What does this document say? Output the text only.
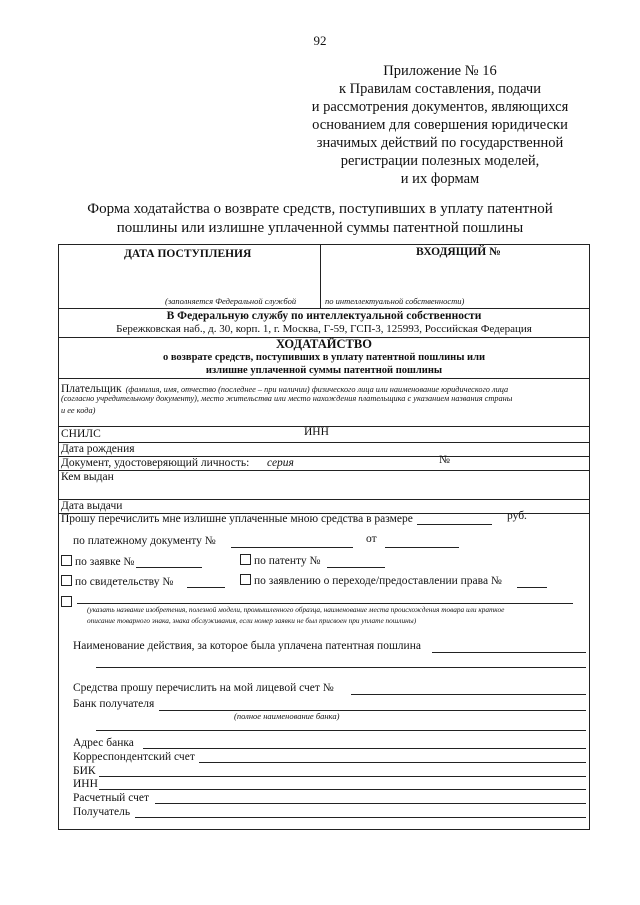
92
Приложение № 16
к Правилам составления, подачи
и рассмотрения документов, являющихся
основанием для совершения юридически
значимых действий по государственной
регистрации полезных моделей,
и их формам
Форма ходатайства о возврате средств, поступивших в уплату патентной
пошлины или излишне уплаченной суммы патентной пошлины
ДАТА ПОСТУПЛЕНИЯ	ВХОДЯЩИЙ №
(заполняется Федеральной службой	по интеллектуальной собственности)
В Федеральную службу по интеллектуальной собственности
Бережковская наб., д. 30, корп. 1, г. Москва, Г-59, ГСП-3, 125993, Российская Федерация
ХОДАТАЙСТВО
о возврате средств, поступивших в уплату патентной пошлины или
излишне уплаченной суммы патентной пошлины
Плательщик (фамилия, имя, отчество (последнее – при наличии) физического лица или наименование юридического лица
(согласно учредительному документу), место жительства или место нахождения плательщика с указанием названия страны
и ее кода)
СНИЛС	ИНН
Дата рождения
Документ, удостоверяющий личность: серия	№
Кем выдан
Дата выдачи
Прошу перечислить мне излишне уплаченные мною средства в размере	руб.
по платежному документу №	от
по заявке №	по патенту №
по свидетельству №	по заявлению о переходе/предоставлении права №
(указать название изобретения, полезной модели, промышленного образца, наименование места происхождения товара или краткое
описание товарного знака, знака обслуживания, если номер заявки не был присвоен при уплате пошлины)
Наименование действия, за которое была уплачена патентная пошлина
Средства прошу перечислить на мой лицевой счет №
Банк получателя
(полное наименование банка)
Адрес банка
Корреспондентский счет
БИК
ИНН
Расчетный счет
Получатель
